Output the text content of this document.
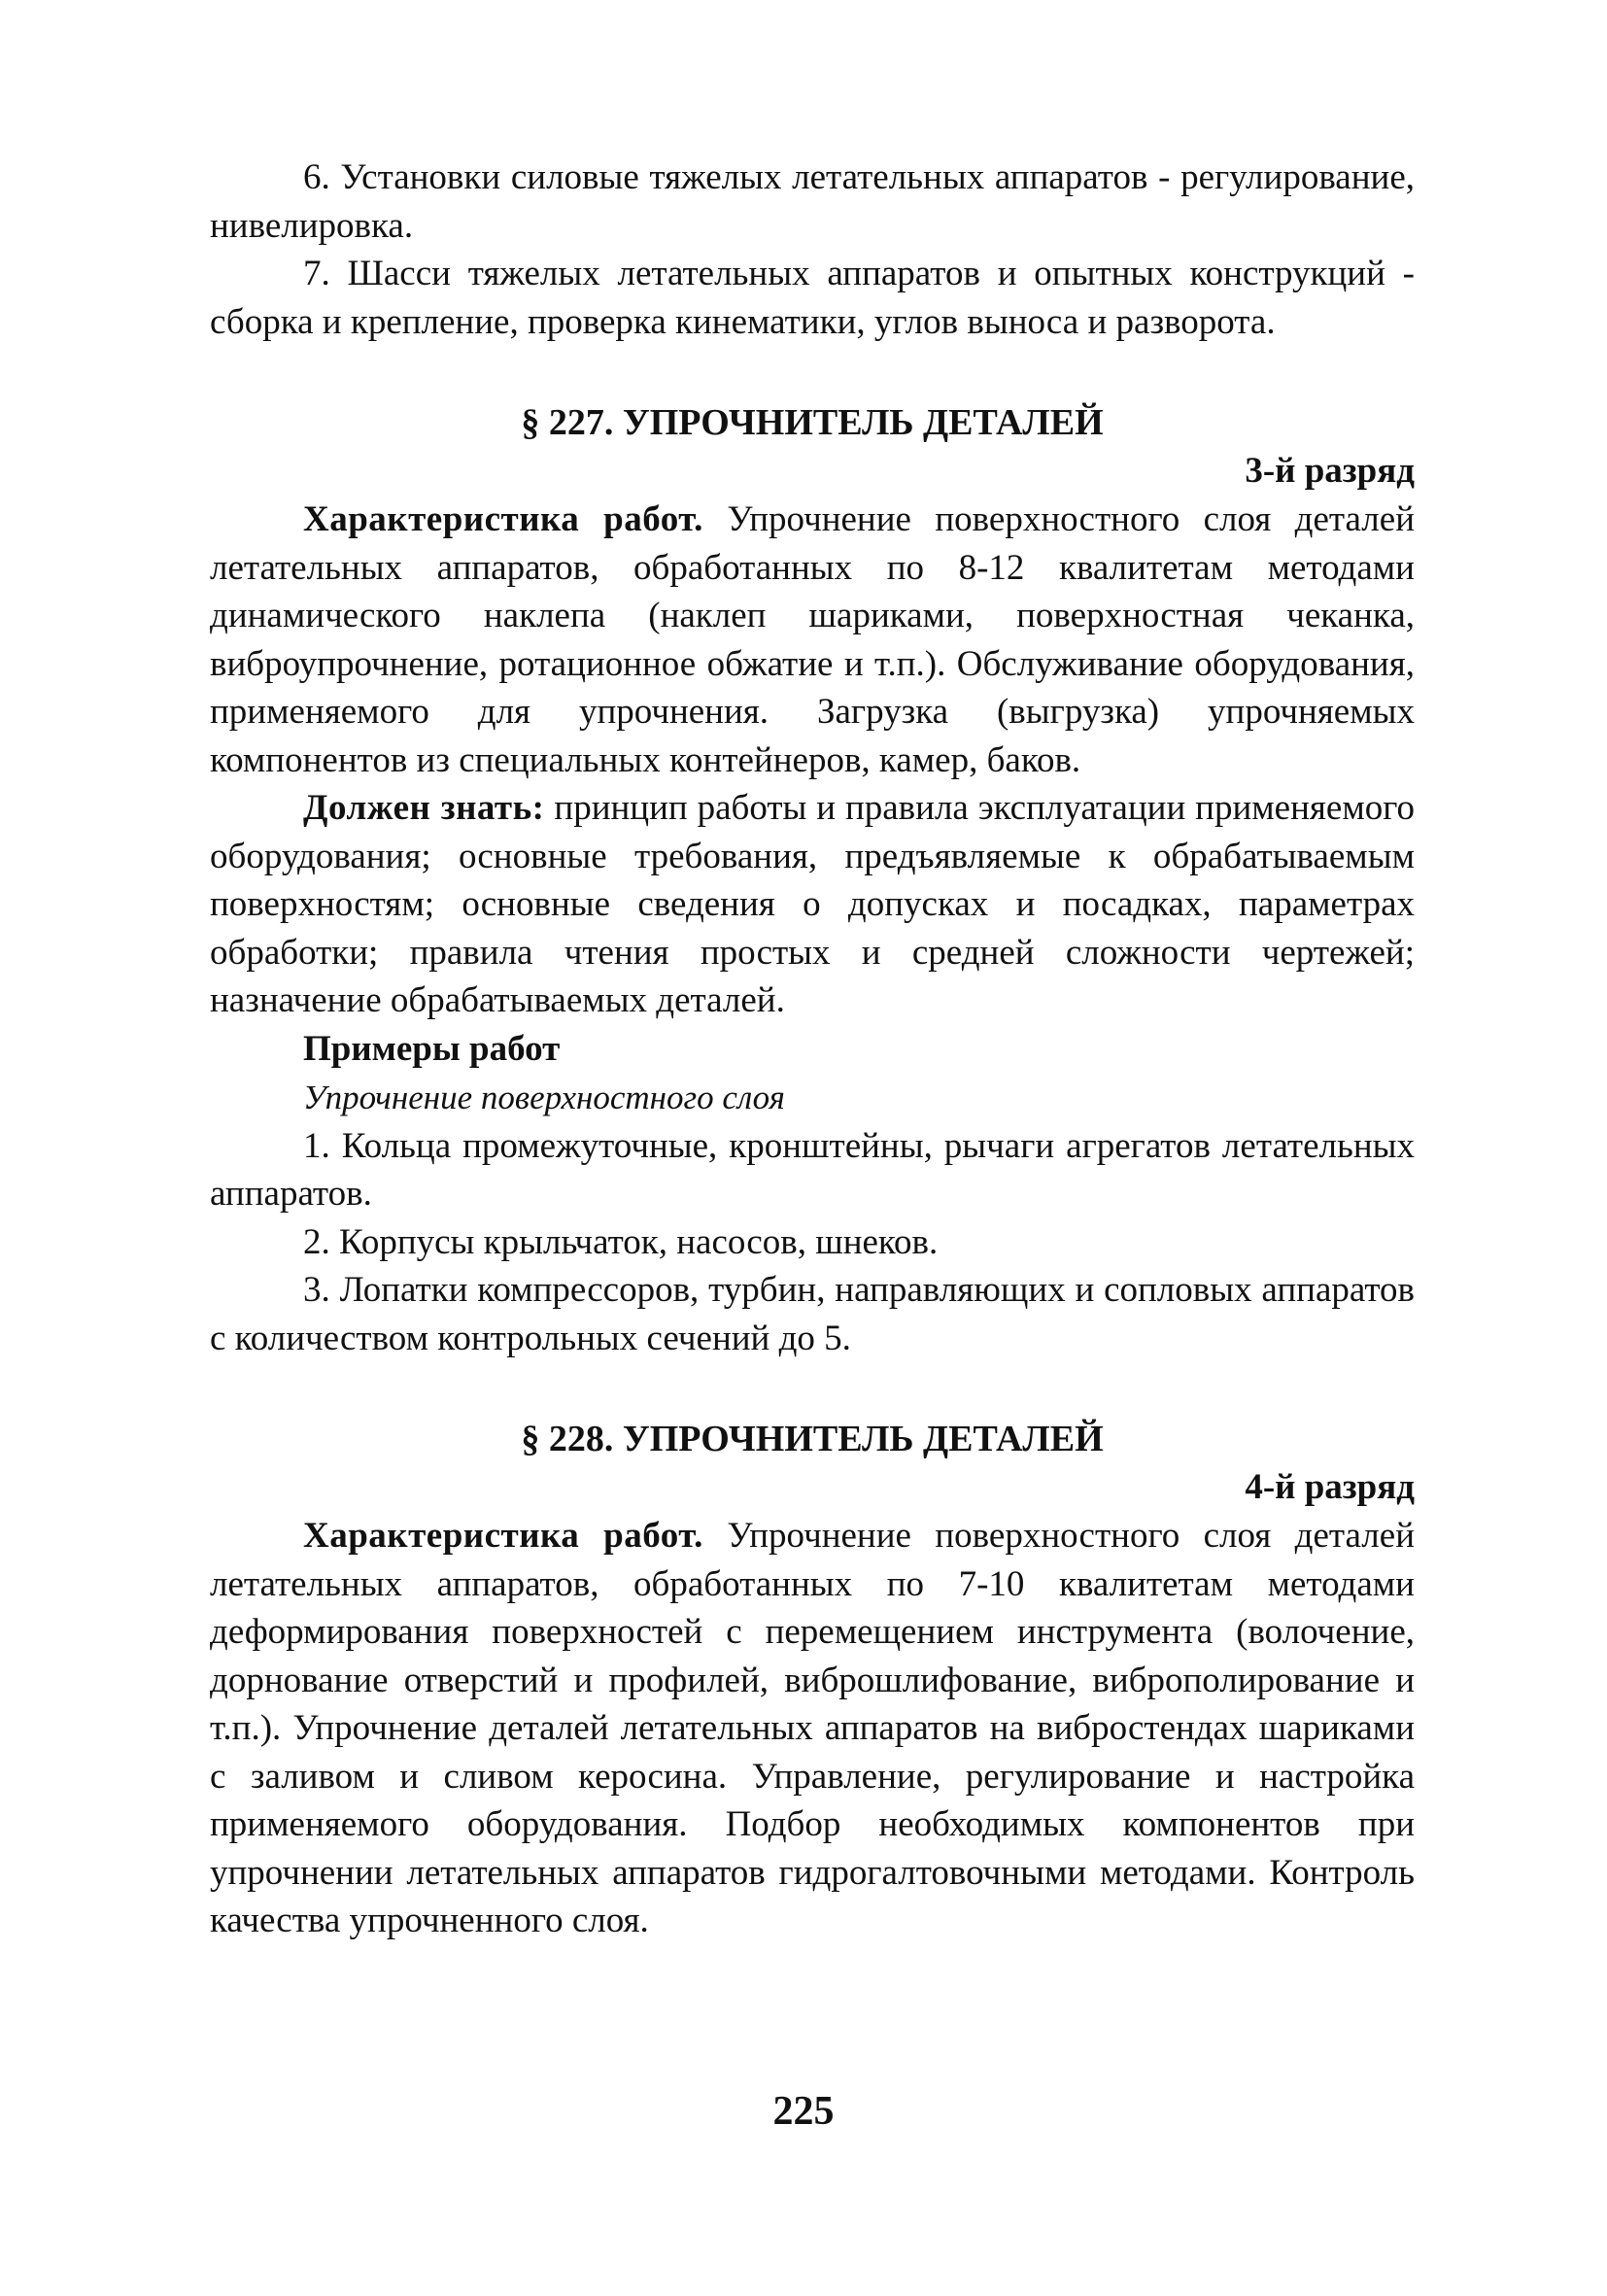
6. Установки силовые тяжелых летательных аппаратов - регулирование, нивелировка.

7. Шасси тяжелых летательных аппаратов и опытных конструкций - сборка и крепление, проверка кинематики, углов выноса и разворота.

§ 227. УПРОЧНИТЕЛЬ ДЕТАЛЕЙ
3-й разряд

Характеристика работ. Упрочнение поверхностного слоя деталей летательных аппаратов, обработанных по 8-12 квалитетам методами динамического наклепа (наклеп шариками, поверхностная чеканка, виброупрочнение, ротационное обжатие и т.п.). Обслуживание оборудования, применяемого для упрочнения. Загрузка (выгрузка) упрочняемых компонентов из специальных контейнеров, камер, баков.

Должен знать: принцип работы и правила эксплуатации применяемого оборудования; основные требования, предъявляемые к обрабатываемым поверхностям; основные сведения о допусках и посадках, параметрах обработки; правила чтения простых и средней сложности чертежей; назначение обрабатываемых деталей.

Примеры работ
Упрочнение поверхностного слоя

1. Кольца промежуточные, кронштейны, рычаги агрегатов летательных аппаратов.

2. Корпусы крыльчаток, насосов, шнеков.

3. Лопатки компрессоров, турбин, направляющих и сопловых аппаратов с количеством контрольных сечений до 5.

§ 228. УПРОЧНИТЕЛЬ ДЕТАЛЕЙ
4-й разряд

Характеристика работ. Упрочнение поверхностного слоя деталей летательных аппаратов, обработанных по 7-10 квалитетам методами деформирования поверхностей с перемещением инструмента (волочение, дорнование отверстий и профилей, виброшлифование, виброполирование и т.п.). Упрочнение деталей летательных аппаратов на вибростендах шариками с заливом и сливом керосина. Управление, регулирование и настройка применяемого оборудования. Подбор необходимых компонентов при упрочнении летательных аппаратов гидрогалтовочными методами. Контроль качества упрочненного слоя.

225
